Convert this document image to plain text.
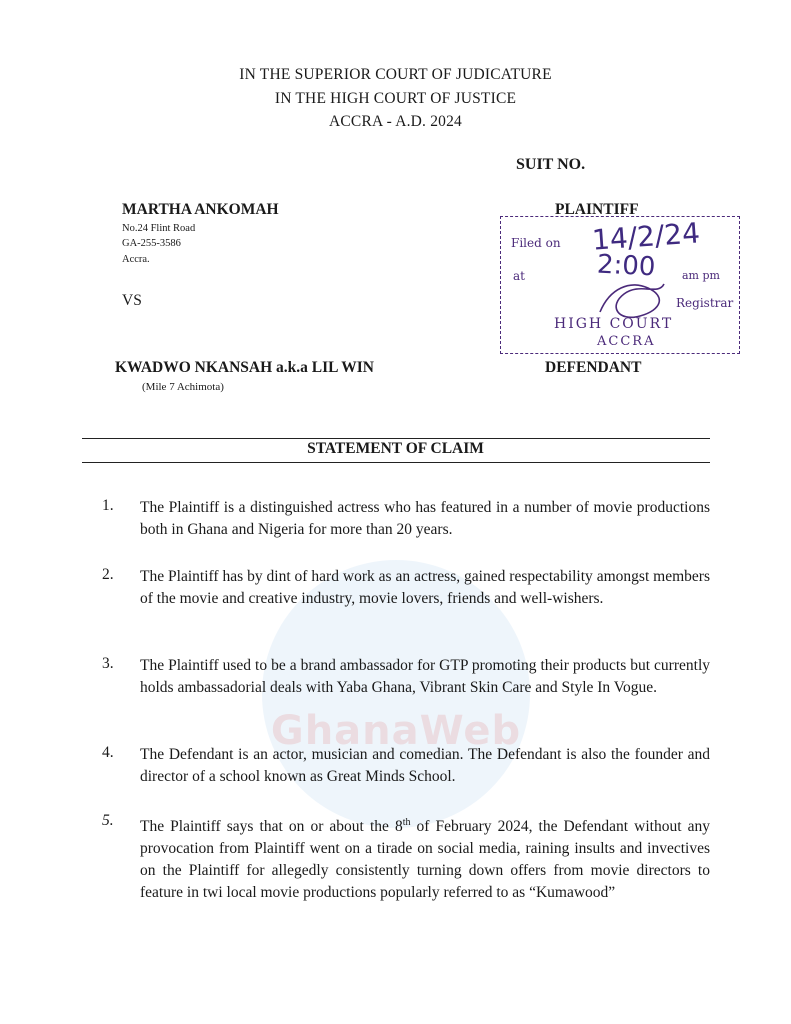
GhanaWeb
IN THE SUPERIOR COURT OF JUDICATURE
IN THE HIGH COURT OF JUSTICE
ACCRA - A.D. 2024
SUIT NO.
MARTHA ANKOMAH
No.24 Flint Road
GA-255-3586
Accra.
PLAINTIFF
VS
KWADWO NKANSAH a.k.a LIL WIN
(Mile 7 Achimota)
DEFENDANT
Filed on 14/2/24
at	2:00 am pm
Registrar
HIGH COURT
ACCRA
STATEMENT OF CLAIM
1. The Plaintiff is a distinguished actress who has featured in a number of movie productions both in Ghana and Nigeria for more than 20 years.
2. The Plaintiff has by dint of hard work as an actress, gained respectability amongst members of the movie and creative industry, movie lovers, friends and well-wishers.
3. The Plaintiff used to be a brand ambassador for GTP promoting their products but currently holds ambassadorial deals with Yaba Ghana, Vibrant Skin Care and Style In Vogue.
4. The Defendant is an actor, musician and comedian. The Defendant is also the founder and director of a school known as Great Minds School.
5. The Plaintiff says that on or about the 8th of February 2024, the Defendant without any provocation from Plaintiff went on a tirade on social media, raining insults and invectives on the Plaintiff for allegedly consistently turning down offers from movie directors to feature in twi local movie productions popularly referred to as “Kumawood”
